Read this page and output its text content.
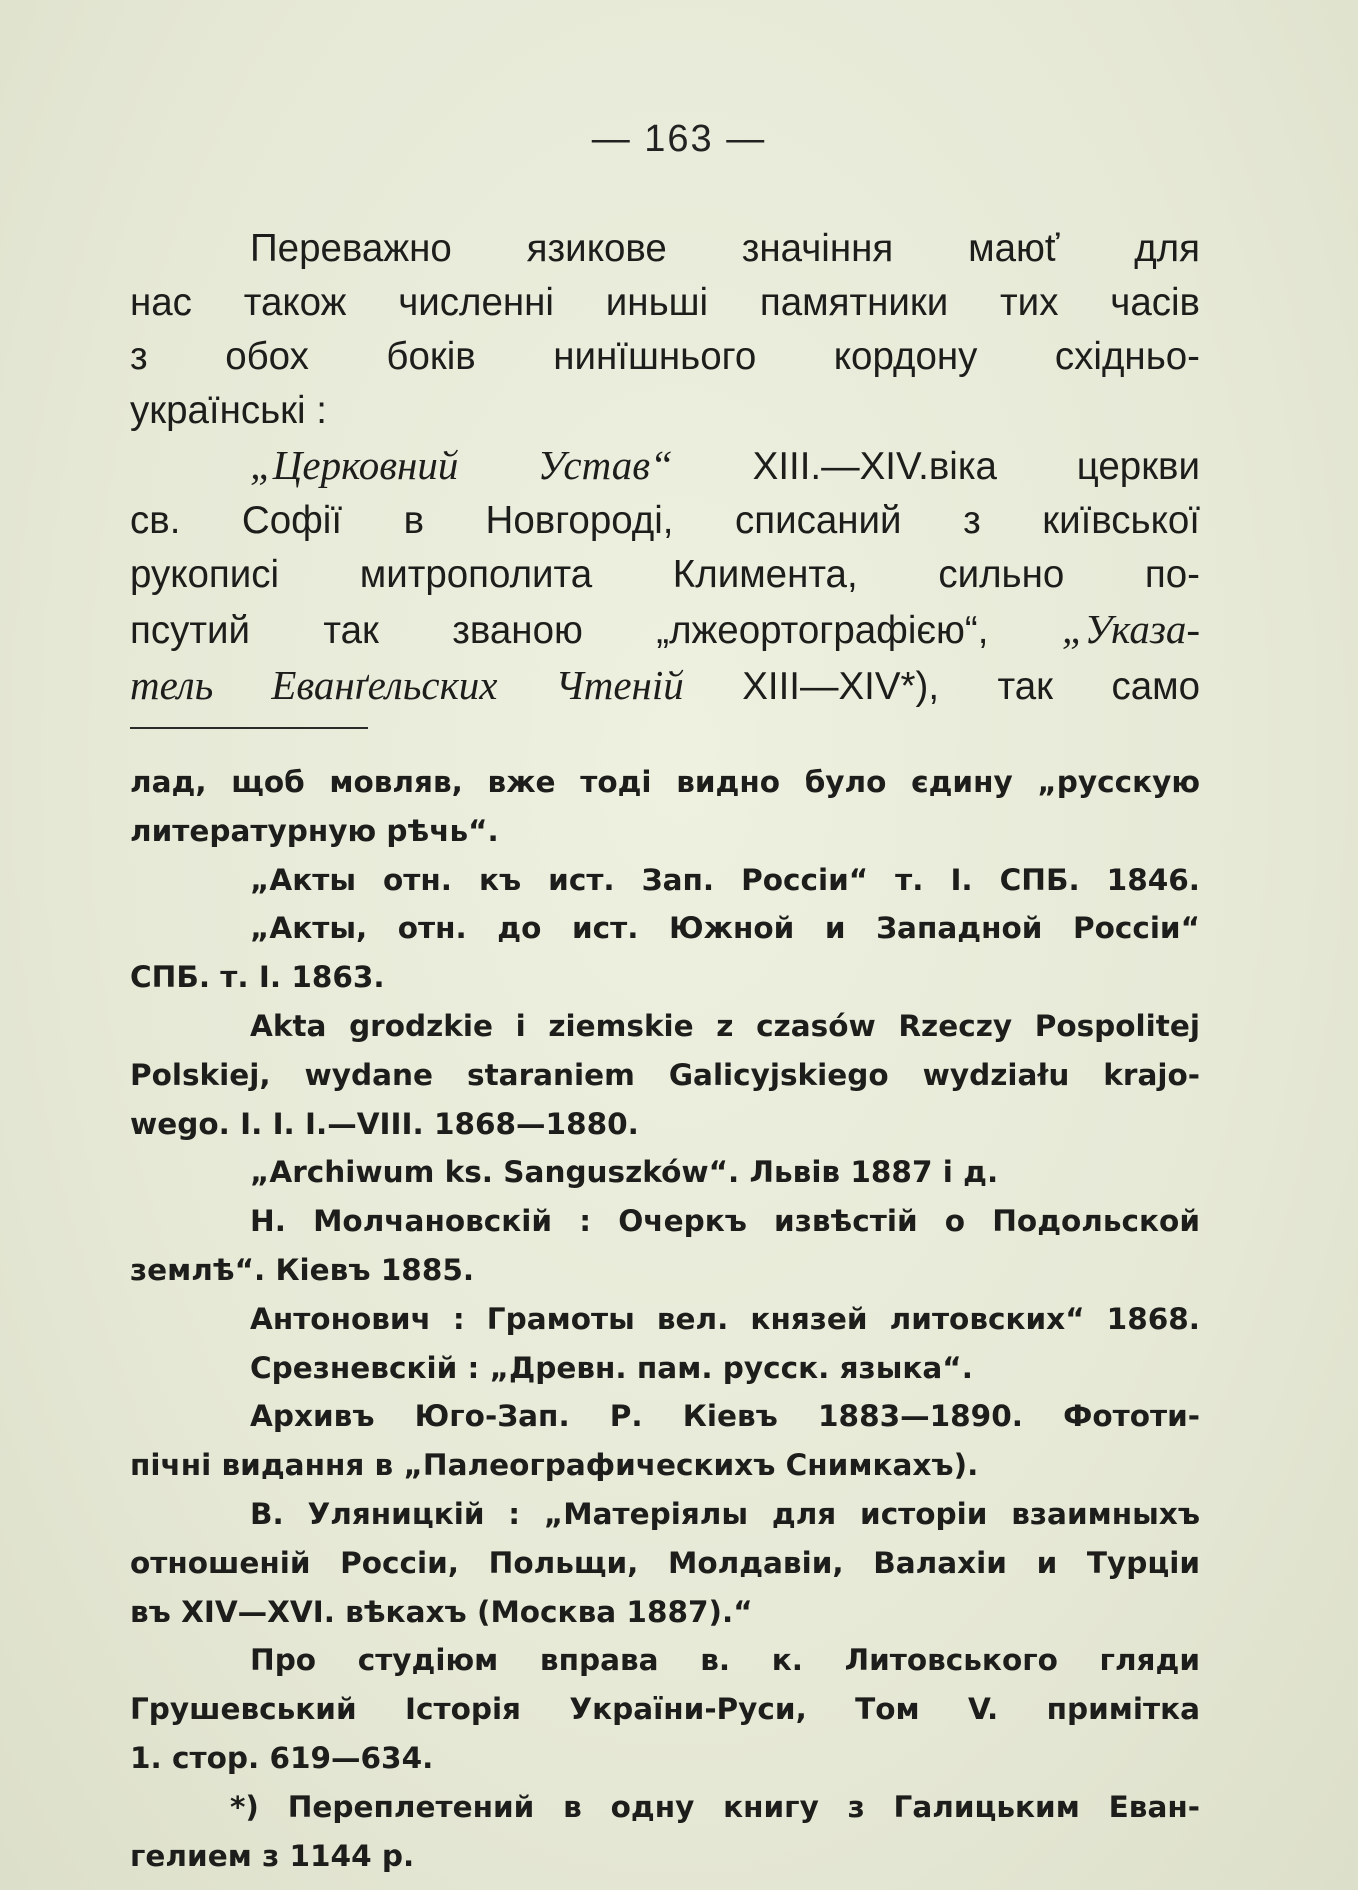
— 163 —

Переважно язикове значіння маюť для

нас також численні иньші памятники тих часів

з обох боків нинїшнього кордону східньо-

українські :

„Церковний Устав“ XIII.—XIV.віка церкви

св. Софії в Новгороді, списаний з київської

рукописі митрополита Климента, сильно по-

псутий так званою „лжеортографією“, „Указа-

тель Еванґельских Чтеній XIII—XIV*), так само

лад, щоб мовляв, вже тоді видно було єдину „русскую

литературную рѣчь“.

„Акты отн. къ ист. Зап. Россіи“ т. І. СПБ. 1846.

„Акты, отн. до ист. Южной и Западной Россіи“

СПБ. т. І. 1863.

Akta grodzkie i ziemskie z czasów Rzeczy Pospolitej

Polskiej, wydane staraniem Galicyjskiego wydziału krajo-

wego. I. I. I.—VIII. 1868—1880.

„Archiwum ks. Sanguszków“. Львів 1887 і д.

Н. Молчановскій : Очеркъ извѣстій о Подольской

землѣ“. Кіевъ 1885.

Антонович : Грамоты вел. князей литовских“ 1868.

Срезневскій : „Древн. пам. русск. языка“.

Архивъ Юго-Зап. Р. Кіевъ 1883—1890. Фототи-

пічні видання в „Палеографическихъ Снимкахъ).

В. Уляницкій : „Матеріялы для исторіи взаимныхъ

отношеній Россіи, Польщи, Молдавіи, Валахіи и Турціи

въ XIV—XVI. вѣкахъ (Москва 1887).“

Про студіюм вправа в. к. Литовського гляди

Грушевський Історія України-Руси, Том V. примітка

1. стор. 619—634.

*) Переплетений в одну книгу з Галицьким Еван-

гелием з 1144 р.
